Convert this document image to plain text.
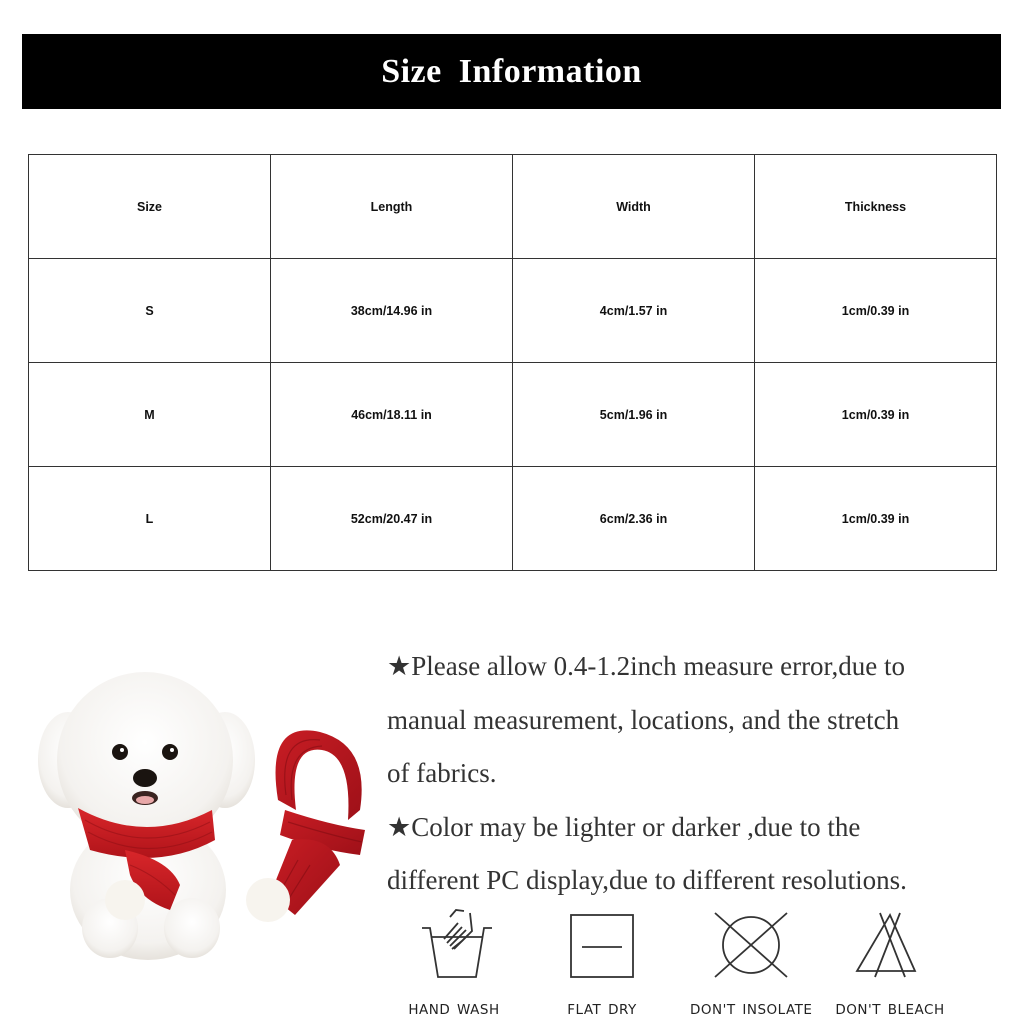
Size Information
Size	Length	Width	Thickness
S	38cm/14.96 in	4cm/1.57 in	1cm/0.39 in
M	46cm/18.11 in	5cm/1.96 in	1cm/0.39 in
L	52cm/20.47 in	6cm/2.36 in	1cm/0.39 in
★Please allow 0.4-1.2inch measure error,due to
manual measurement, locations, and the stretch
of fabrics.
★Color may be lighter or darker ,due to the
different PC display,due to different resolutions.
HAND WASH	FLAT DRY	DON'T INSOLATE DON'T BLEACH
